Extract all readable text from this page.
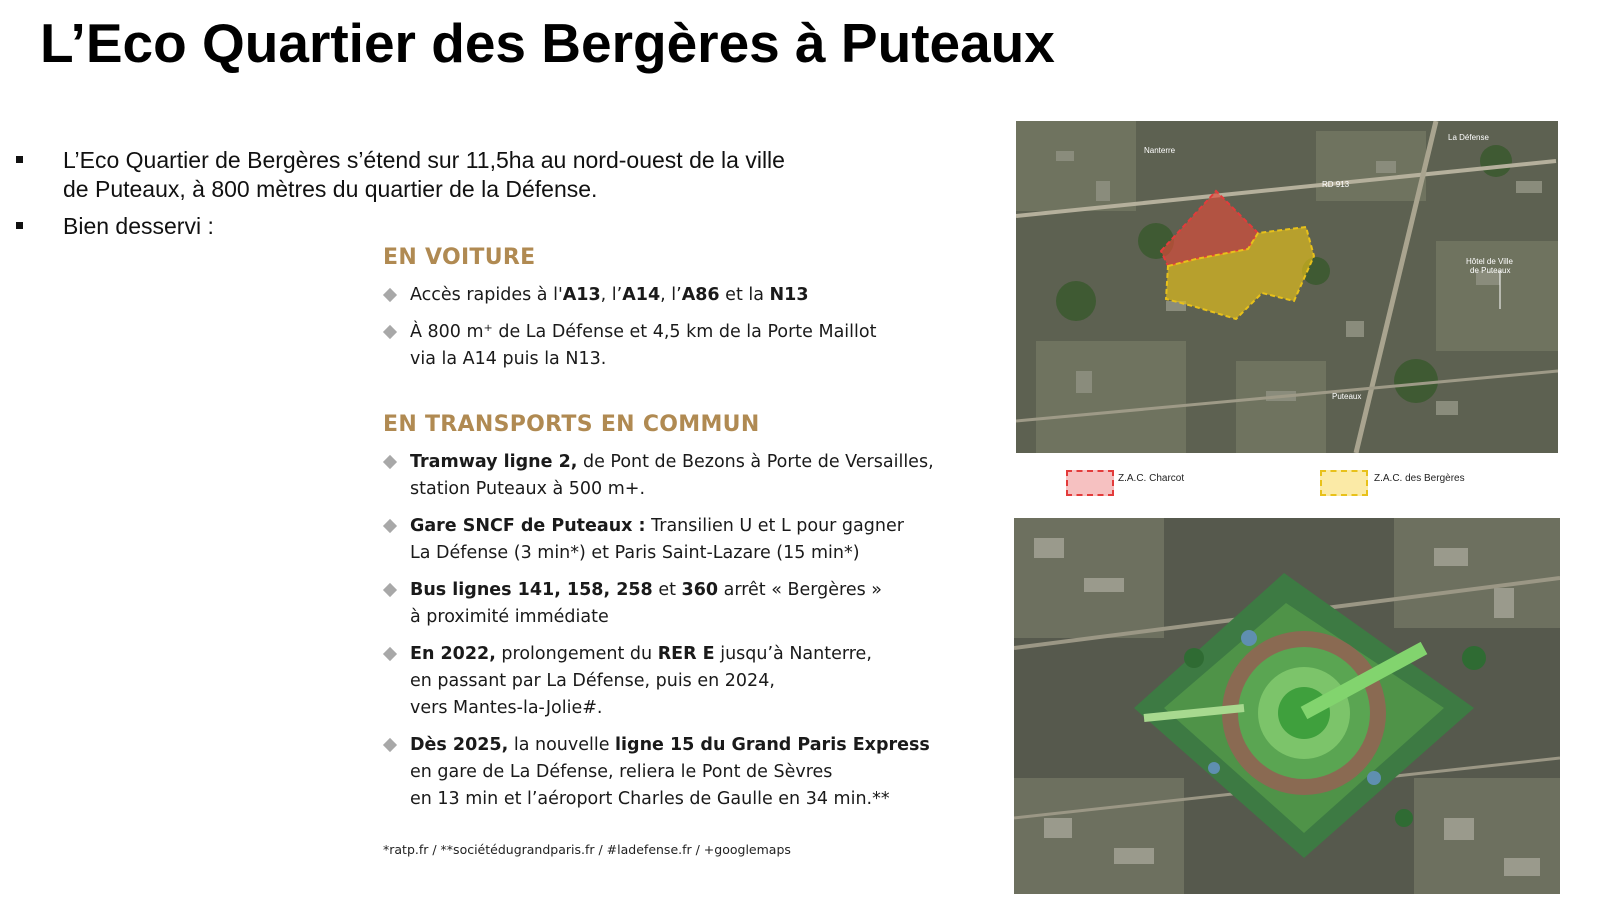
L’Eco Quartier des Bergères à Puteaux
L’Eco Quartier de Bergères s’étend sur 11,5ha au nord-ouest de la ville
de Puteaux, à 800 mètres du quartier de la Défense.
Bien desservi :
EN VOITURE
Accès rapides à l'A13, l’A14, l’A86 et la N13
À 800 m⁺ de La Défense et 4,5 km de la Porte Maillot
via la A14 puis la N13.
EN TRANSPORTS EN COMMUN
Tramway ligne 2, de Pont de Bezons à Porte de Versailles,
station Puteaux à 500 m+.
Gare SNCF de Puteaux : Transilien U et L pour gagner
La Défense (3 min*) et Paris Saint-Lazare (15 min*)
Bus lignes 141, 158, 258 et 360 arrêt « Bergères »
à proximité immédiate
En 2022, prolongement du RER E jusqu’à Nanterre,
en passant par La Défense, puis en 2024,
vers Mantes-la-Jolie#.
Dès 2025, la nouvelle ligne 15 du Grand Paris Express
en gare de La Défense, reliera le Pont de Sèvres
en 13 min et l’aéroport Charles de Gaulle en 34 min.**
*ratp.fr / **sociétédugrandparis.fr / #ladefense.fr / +googlemaps
Nanterre
La Défense
RD 913
Hôtel de Ville
de Puteaux
Puteaux
Z.A.C. Charcot	Z.A.C. des Bergères
